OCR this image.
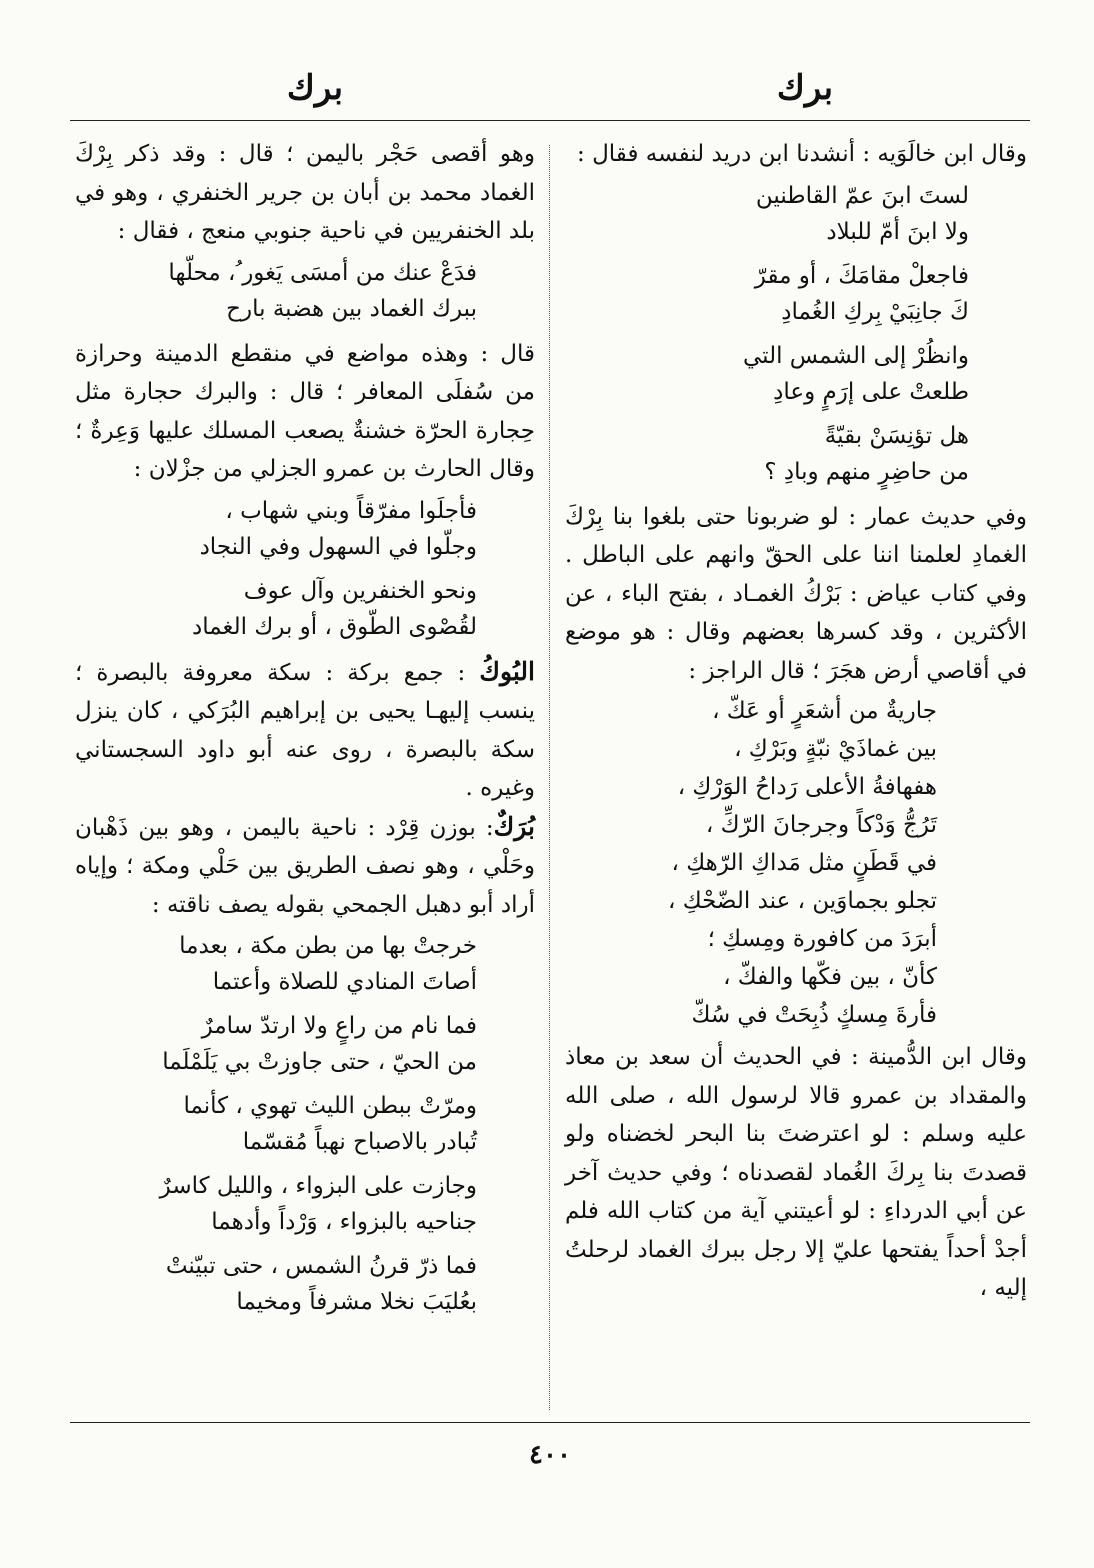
برك
برك

وقال ابن خالَوَيه : أنشدنا ابن دريد لنفسه فقال :

لستَ ابنَ عمّ القاطنين
ولا ابنَ أمّ للبلاد
فاجعلْ مقامَكَ ، أو مقرّ
كَ جانِبَيْ بِركِ الغُمادِ
وانظُرْ إلى الشمس التي
طلعتْ على إرَمٍ وعادِ
هل تؤنِسَنْ بقيّةً
من حاضِرٍ منهم وبادِ ؟

وفي حديث عمار : لو ضربونا حتى بلغوا بنا بِرْكَ الغمادِ لعلمنا اننا على الحقّ وانهم على الباطل . وفي كتاب عياض : بَرْكُ الغمـاد ، بفتح الباء ، عن الأكثرين ، وقد كسرها بعضهم وقال : هو موضع في أقاصي أرض هجَرَ ؛ قال الراجز :

جاريةٌ من أشعَرٍ أو عَكّ ،
بين غماذَيْ نبّةٍ وبَرْكِ ،
هفهافةُ الأعلى رَداحُ الوَرْكِ ،
تَرُجُّ وَدْكاً وجرجانَ الرّكِّ ،
في قَطَنٍ مثل مَداكِ الرّهكِ ،
تجلو بجماوَين ، عند الضّحْكِ ،
أبرَدَ من كافورة ومِسكِ ؛
كأنّ ، بين فكّها والفكّ ،
فأرةَ مِسكٍ ذُبِحَتْ في سُكّ

وقال ابن الدُّمينة : في الحديث أن سعد بن معاذ والمقداد بن عمرو قالا لرسول الله ، صلى الله عليه وسلم : لو اعترضتَ بنا البحر لخضناه ولو قصدتَ بنا بِركَ الغُماد لقصدناه ؛ وفي حديث آخر عن أبي الدرداءِ : لو أعيتني آية من كتاب الله فلم أجدْ أحداً يفتحها عليّ إلا رجل ببرك الغماد لرحلتُ إليه ،

وهو أقصى حَجْر باليمن ؛ قال : وقد ذكر بِرْكَ الغماد محمد بن أبان بن جرير الخنفري ، وهو في بلد الخنفريين في ناحية جنوبي منعج ، فقال :

فدَعْ عنك من أمسَى يَغور ُ، محلّها
ببرك الغماد بين هضبة بارح

قال : وهذه مواضع في منقطع الدمينة وحرازة من سُفلَى المعافر ؛ قال : والبرك حجارة مثل حِجارة الحرّة خشنةٌ يصعب المسلك عليها وَعِرةٌ ؛ وقال الحارث بن عمرو الجزلي من جزْلان :

فأجلَوا مفرّقاً وبني شهاب ،
وجلّوا في السهول وفي النجاد
ونحو الخنفرين وآل عوف
لقُصْوى الطّوق ، أو برك الغماد

البُوكُ : جمع بركة : سكة معروفة بالبصرة ؛ ينسب إليهـا يحيى بن إبراهيم البُرَكي ، كان ينزل سكة بالبصرة ، روى عنه أبو داود السجستاني وغيره .

بُرَكٌ: بوزن قِرْد : ناحية باليمن ، وهو بين ذَهْبان وحَلْي ، وهو نصف الطريق بين حَلْي ومكة ؛ وإياه أراد أبو دهبل الجمحي بقوله يصف ناقته :

خرجتْ بها من بطن مكة ، بعدما
أصاتَ المنادي للصلاة وأعتما
فما نام من راعٍ ولا ارتدّ سامرٌ
من الحيّ ، حتى جاوزتْ بي يَلَمْلَما
ومرّتْ ببطن الليث تهوي ، كأنما
تُبادر بالاصباح نهباً مُقسّما
وجازت على البزواء ، والليل كاسرٌ
جناحيه بالبزواء ، وَرْداً وأدهما
فما ذرّ قرنُ الشمس ، حتى تبيّنتْ
بعُليَبَ نخلا مشرفاً ومخيما
٤٠٠
